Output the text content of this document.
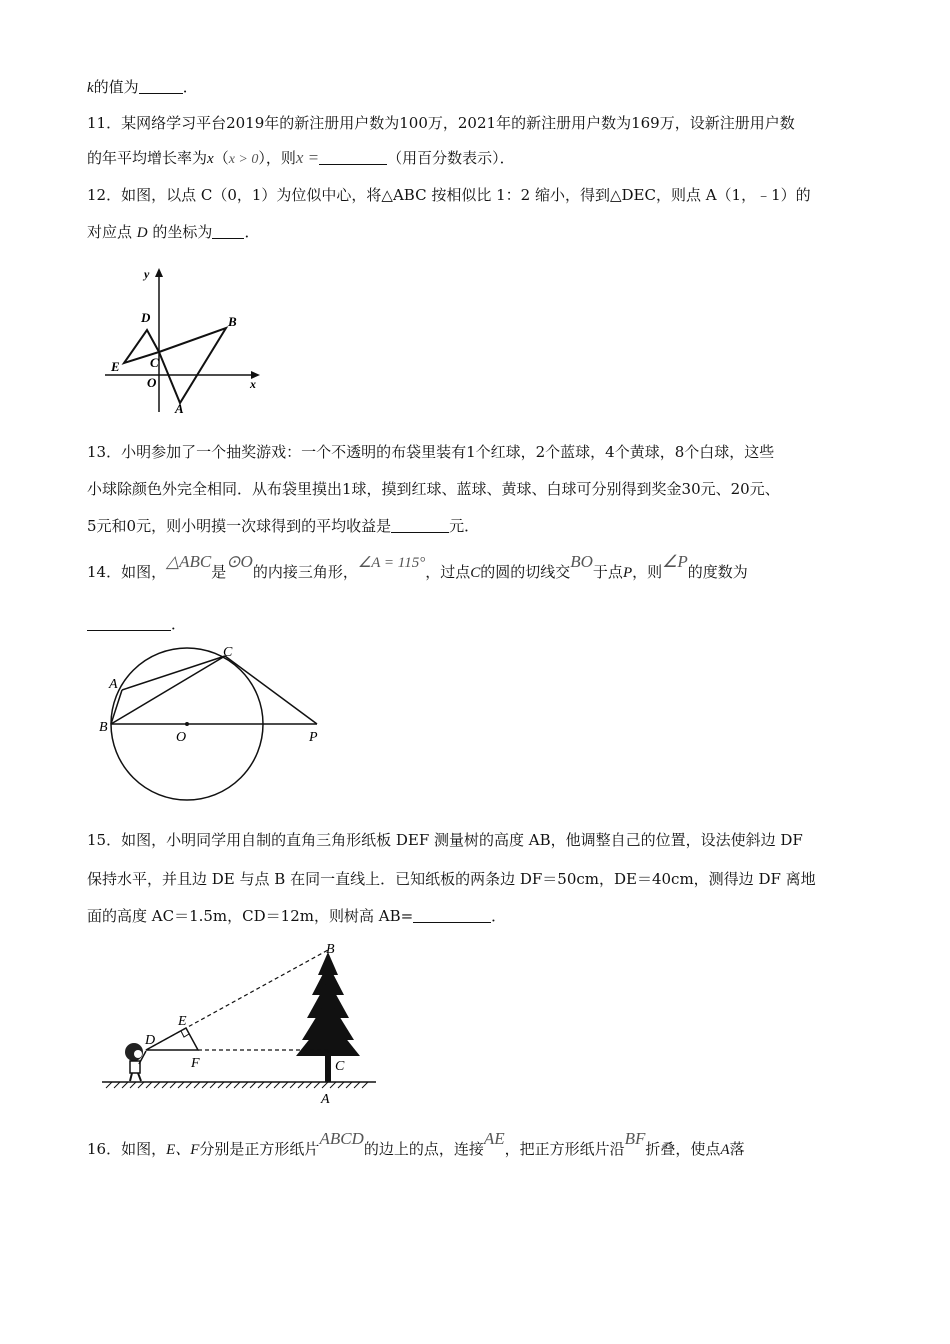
k的值为	．
11．某网络学习平台2019年的新注册用户数为100万，2021年的新注册用户数为169万，设新注册用户数
的年平均增长率为x（x > 0），则x =	（用百分数表示）．
12．如图，以点 C（0，1）为位似中心，将△ABC 按相似比 1：2 缩小，得到△DEC，则点 A（1，﹣1）的
对应点 D 的坐标为 ．
y
x
D	B
E C
O
A
13．小明参加了一个抽奖游戏：一个不透明的布袋里装有1个红球，2个蓝球，4个黄球，8个白球，这些
小球除颜色外完全相同．从布袋里摸出1球，摸到红球、蓝球、黄球、白球可分别得到奖金30元、20元、
5元和0元，则小明摸一次球得到的平均收益是	元．
14．如图，△ABC是⊙O的内接三角形，∠A = 115°，过点C的圆的切线交BO于点P，则∠P的度数为
．
A
B
C
O	P
15．如图，小明同学用自制的直角三角形纸板 DEF 测量树的高度 AB，他调整自己的位置，设法使斜边 DF
保持水平，并且边 DE 与点 B 在同一直线上．已知纸板的两条边 DF＝50cm，DE＝40cm，测得边 DF 离地
面的高度 AC＝1.5m，CD＝12m，则树高 AB=	．
B
E
D
F	C
A
16．如图，E、F分别是正方形纸片ABCD的边上的点，连接AE，把正方形纸片沿BF折叠，使点A落
